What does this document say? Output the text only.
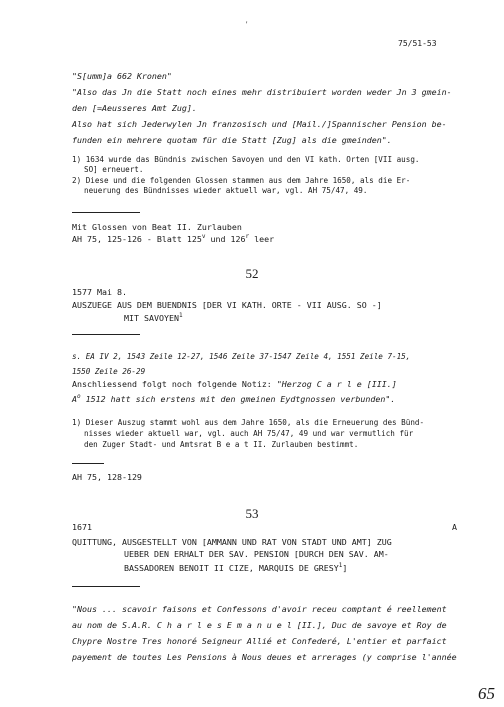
'
75/51-53
"S[umm]a 662 Kronen"
"Also das Jn die Statt noch eines mehr distribuiert worden weder Jn 3 gmein-
den [=Aeusseres Amt Zug].
Also hat sich Jederwylen Jn franzosisch und [Mail./]Spannischer Pension be-
funden ein mehrere quotam für die Statt [Zug] als die gmeinden".
1) 1634 wurde das Bündnis zwischen Savoyen und den VI kath. Orten [VII ausg.
SO] erneuert.
2) Diese und die folgenden Glossen stammen aus dem Jahre 1650, als die Er-
neuerung des Bündnisses wieder aktuell war, vgl. AH 75/47, 49.
Mit Glossen von Beat II. Zurlauben
AH 75, 125-126 - Blatt 125$^v$ und 126$^r$ leer
52
1577 Mai 8.
AUSZUEGE AUS DEM BUENDNIS [DER VI KATH. ORTE - VII AUSG. SO -]
MIT SAVOYEN$^1$
s. EA IV 2, 1543 Zeile 12-27, 1546 Zeile 37-1547 Zeile 4, 1551 Zeile 7-15,
1550 Zeile 26-29
Anschliessend folgt noch folgende Notiz: "Herzog C a r l e [III.]
$A^o$ 1512 hatt sich erstens mit den gmeinen Eydtgnossen verbunden".
1) Dieser Auszug stammt wohl aus dem Jahre 1650, als die Erneuerung des Bünd-
nisses wieder aktuell war, vgl. auch AH 75/47, 49 und war vermutlich für
den Zuger Stadt- und Amtsrat B e a t II. Zurlauben bestimmt.
AH 75, 128-129
53
1671	A
QUITTUNG, AUSGESTELLT VON [AMMANN UND RAT VON STADT UND AMT] ZUG
UEBER DEN ERHALT DER SAV. PENSION [DURCH DEN SAV. AM-
BASSADOREN BENOIT II CIZE, MARQUIS DE GRESY$^1$]
"Nous ... scavoir faisons et Confessons d'avoir receu comptant é reellement
au nom de S.A.R. C h a r l e s E m a n u e l [II.], Duc de savoye et Roy de
Chypre Nostre Tres honoré Seigneur Allié et Confederé, L'entier et parfaict
payement de toutes Les Pensions à Nous deues et arrerages (y comprise l'année
65
